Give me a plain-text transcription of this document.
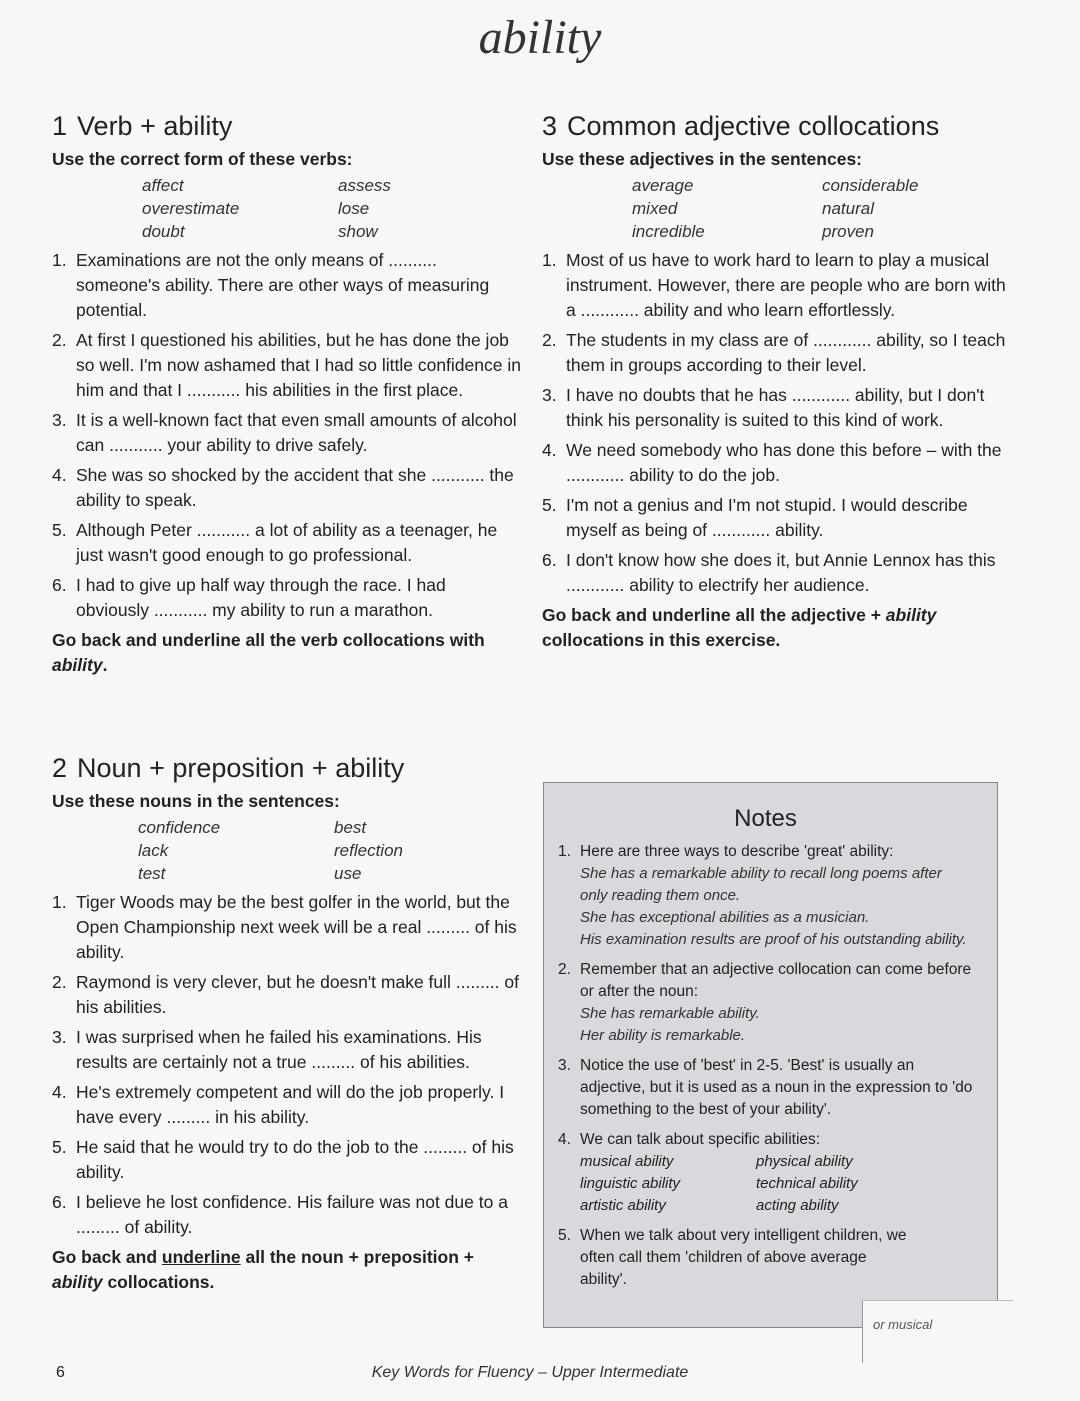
ability
1 Verb + ability
Use the correct form of these verbs:
affect	assess
overestimate	lose
doubt	show
1. Examinations are not the only means of .......... someone's ability. There are other ways of measuring potential.
2. At first I questioned his abilities, but he has done the job so well. I'm now ashamed that I had so little confidence in him and that I ........... his abilities in the first place.
3. It is a well-known fact that even small amounts of alcohol can ........... your ability to drive safely.
4. She was so shocked by the accident that she ........... the ability to speak.
5. Although Peter ........... a lot of ability as a teenager, he just wasn't good enough to go professional.
6. I had to give up half way through the race. I had obviously ........... my ability to run a marathon.
Go back and underline all the verb collocations with ability.
2 Noun + preposition + ability
Use these nouns in the sentences:
confidence	best
lack	reflection
test	use
1. Tiger Woods may be the best golfer in the world, but the Open Championship next week will be a real ......... of his ability.
2. Raymond is very clever, but he doesn't make full ......... of his abilities.
3. I was surprised when he failed his examinations. His results are certainly not a true ......... of his abilities.
4. He's extremely competent and will do the job properly. I have every ......... in his ability.
5. He said that he would try to do the job to the ......... of his ability.
6. I believe he lost confidence. His failure was not due to a ......... of ability.
Go back and underline all the noun + preposition + ability collocations.
3 Common adjective collocations
Use these adjectives in the sentences:
average	considerable
mixed	natural
incredible	proven
1. Most of us have to work hard to learn to play a musical instrument. However, there are people who are born with a ............ ability and who learn effortlessly.
2. The students in my class are of ............ ability, so I teach them in groups according to their level.
3. I have no doubts that he has ............ ability, but I don't think his personality is suited to this kind of work.
4. We need somebody who has done this before – with the ............ ability to do the job.
5. I'm not a genius and I'm not stupid. I would describe myself as being of ............ ability.
6. I don't know how she does it, but Annie Lennox has this ............ ability to electrify her audience.
Go back and underline all the adjective + ability collocations in this exercise.
Notes
1. Here are three ways to describe 'great' ability:
She has a remarkable ability to recall long poems after only reading them once.
She has exceptional abilities as a musician.
His examination results are proof of his outstanding ability.
2. Remember that an adjective collocation can come before or after the noun:
She has remarkable ability.
Her ability is remarkable.
3. Notice the use of 'best' in 2-5. 'Best' is usually an adjective, but it is used as a noun in the expression to 'do something to the best of your ability'.
4. We can talk about specific abilities:
musical ability	physical ability
linguistic ability	technical ability
artistic ability	acting ability
5. When we talk about very intelligent children, we often call them 'children of above average ability'.
or musical
6	Key Words for Fluency – Upper Intermediate
